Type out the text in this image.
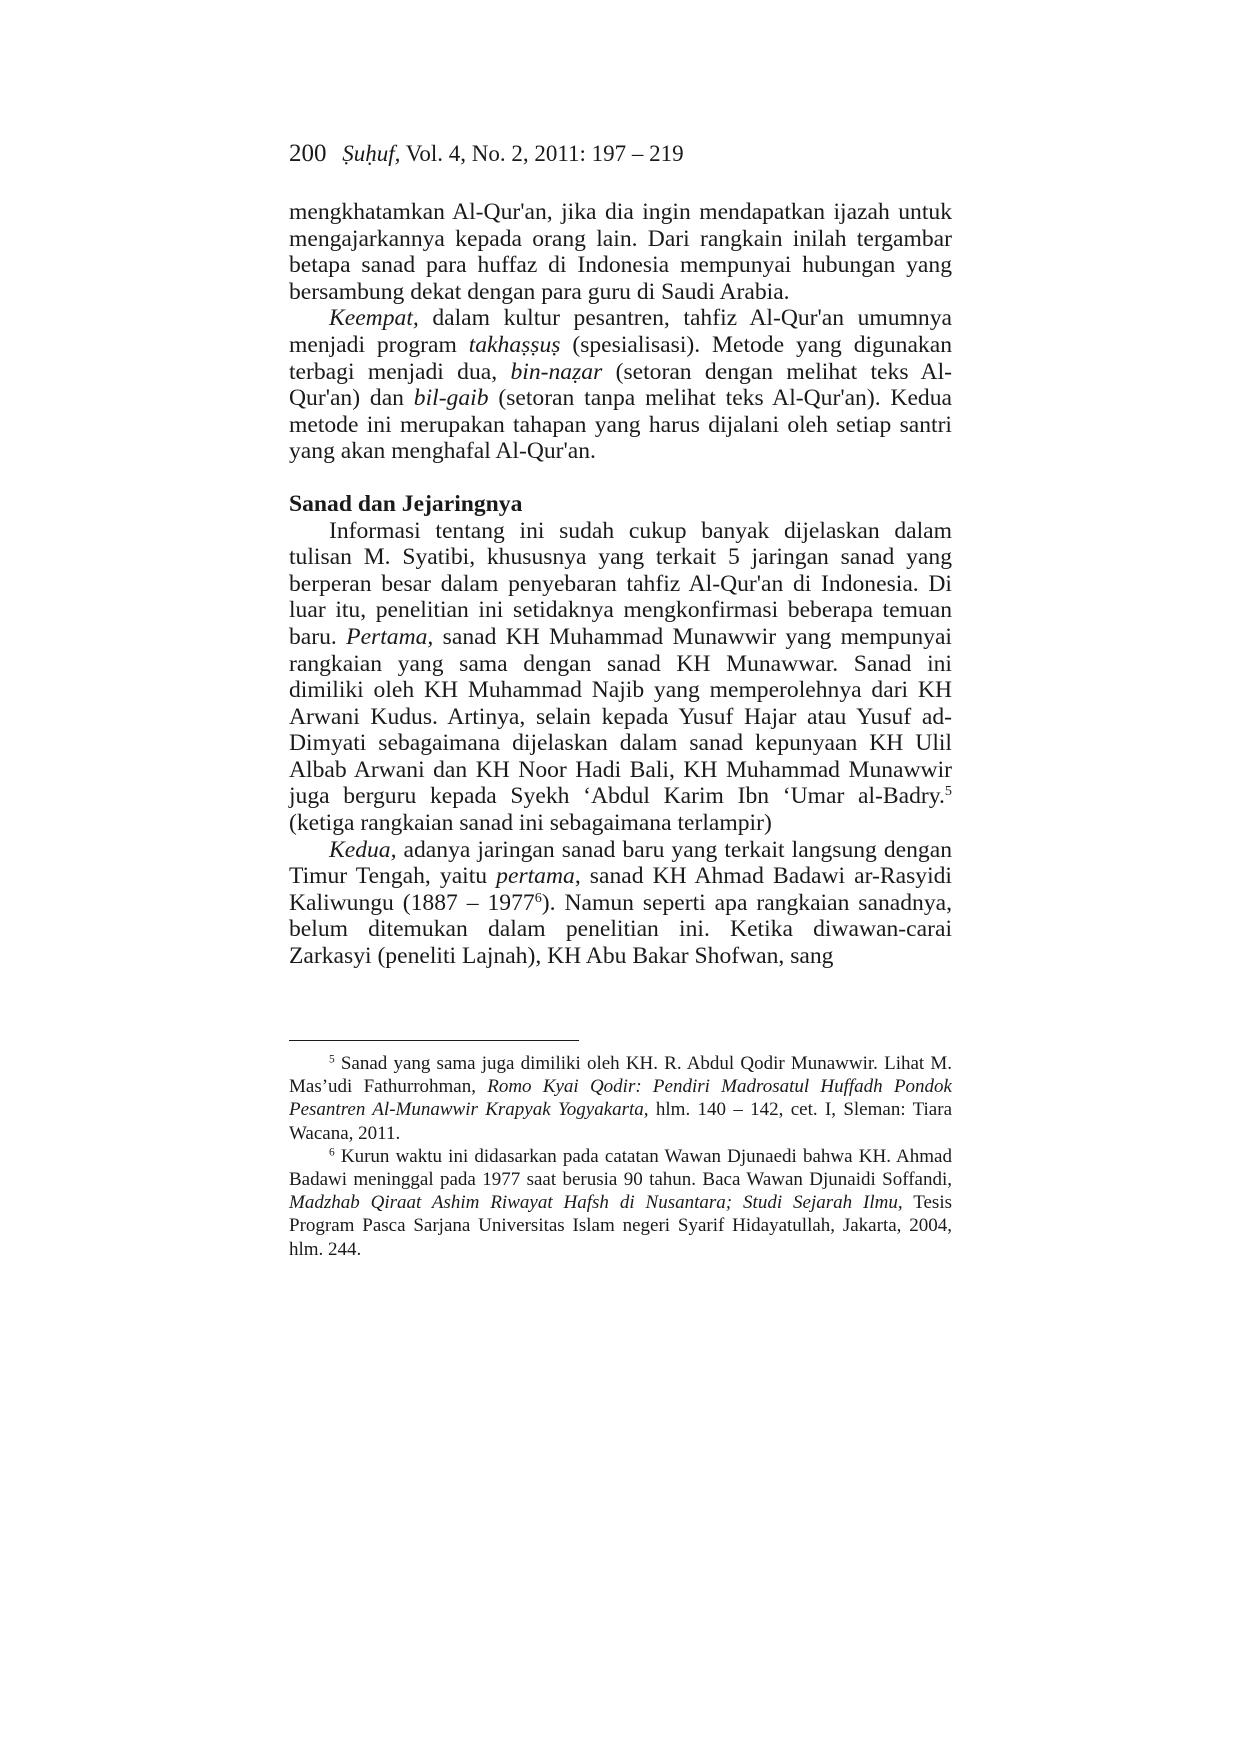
200 Ṣuḥuf, Vol. 4, No. 2, 2011: 197 – 219

mengkhatamkan Al-Qur'an, jika dia ingin mendapatkan ijazah untuk mengajarkannya kepada orang lain. Dari rangkain inilah tergambar betapa sanad para huffaz di Indonesia mempunyai hubungan yang bersambung dekat dengan para guru di Saudi Arabia.

Keempat, dalam kultur pesantren, tahfiz Al-Qur'an umumnya menjadi program takhaṣṣuṣ (spesialisasi). Metode yang digunakan terbagi menjadi dua, bin-naẓar (setoran dengan melihat teks Al-Qur'an) dan bil-gaib (setoran tanpa melihat teks Al-Qur'an). Kedua metode ini merupakan tahapan yang harus dijalani oleh setiap santri yang akan menghafal Al-Qur'an.

Sanad dan Jejaringnya

Informasi tentang ini sudah cukup banyak dijelaskan dalam tulisan M. Syatibi, khususnya yang terkait 5 jaringan sanad yang berperan besar dalam penyebaran tahfiz Al-Qur'an di Indonesia. Di luar itu, penelitian ini setidaknya mengkonfirmasi beberapa temuan baru. Pertama, sanad KH Muhammad Munawwir yang mempunyai rangkaian yang sama dengan sanad KH Munawwar. Sanad ini dimiliki oleh KH Muhammad Najib yang memperolehnya dari KH Arwani Kudus. Artinya, selain kepada Yusuf Hajar atau Yusuf ad-Dimyati sebagaimana dijelaskan dalam sanad kepunyaan KH Ulil Albab Arwani dan KH Noor Hadi Bali, KH Muhammad Munawwir juga berguru kepada Syekh ‘Abdul Karim Ibn ‘Umar al-Badry.$^5$ (ketiga rangkaian sanad ini sebagaimana terlampir)

Kedua, adanya jaringan sanad baru yang terkait langsung dengan Timur Tengah, yaitu pertama, sanad KH Ahmad Badawi ar-Rasyidi Kaliwungu (1887 – 1977$^6$). Namun seperti apa rangkaian sanadnya, belum ditemukan dalam penelitian ini. Ketika diwawan-carai Zarkasyi (peneliti Lajnah), KH Abu Bakar Shofwan, sang

$^5$ Sanad yang sama juga dimiliki oleh KH. R. Abdul Qodir Munawwir. Lihat M. Mas’udi Fathurrohman, Romo Kyai Qodir: Pendiri Madrosatul Huffadh Pondok Pesantren Al-Munawwir Krapyak Yogyakarta, hlm. 140 – 142, cet. I, Sleman: Tiara Wacana, 2011.

$^6$ Kurun waktu ini didasarkan pada catatan Wawan Djunaedi bahwa KH. Ahmad Badawi meninggal pada 1977 saat berusia 90 tahun. Baca Wawan Djunaidi Soffandi, Madzhab Qiraat Ashim Riwayat Hafsh di Nusantara; Studi Sejarah Ilmu, Tesis Program Pasca Sarjana Universitas Islam negeri Syarif Hidayatullah, Jakarta, 2004, hlm. 244.
